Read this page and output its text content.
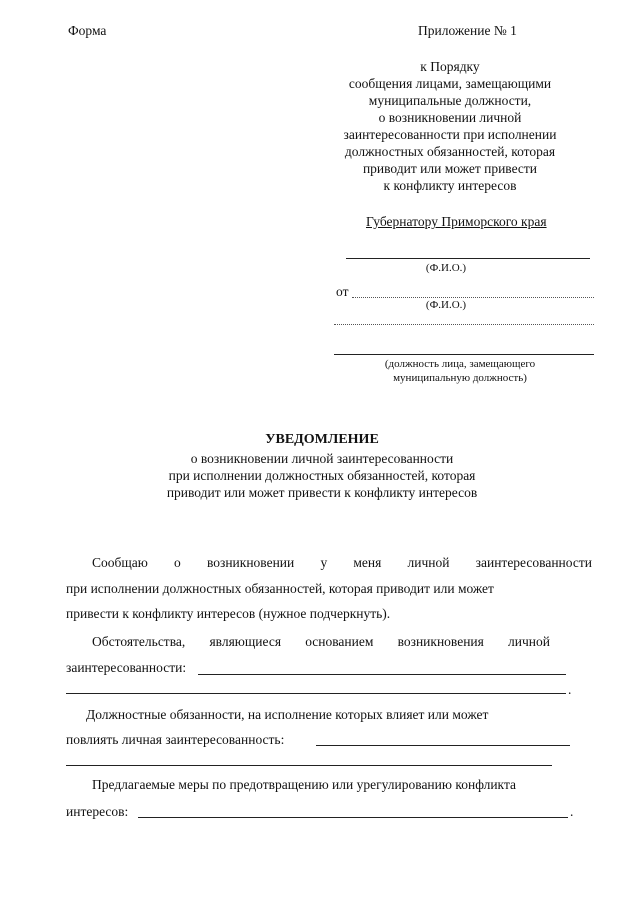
Форма	Приложение № 1
к Порядку
сообщения лицами, замещающими
муниципальные должности,
о возникновении личной
заинтересованности при исполнении
должностных обязанностей, которая
приводит или может привести
к конфликту интересов
Губернатору Приморского края
(Ф.И.О.)
от
(Ф.И.О.)
(должность лица, замещающего
муниципальную должность)
УВЕДОМЛЕНИЕ
о возникновении личной заинтересованности
при исполнении должностных обязанностей, которая
приводит или может привести к конфликту интересов
Сообщаю о возникновении у меня личной заинтересованности
при исполнении должностных обязанностей, которая приводит или может
привести к конфликту интересов (нужное подчеркнуть).
Обстоятельства, являющиеся основанием возникновения личной
заинтересованности:
.
Должностные обязанности, на исполнение которых влияет или может
повлиять личная заинтересованность:
Предлагаемые меры по предотвращению или урегулированию конфликта
интересов:	.
